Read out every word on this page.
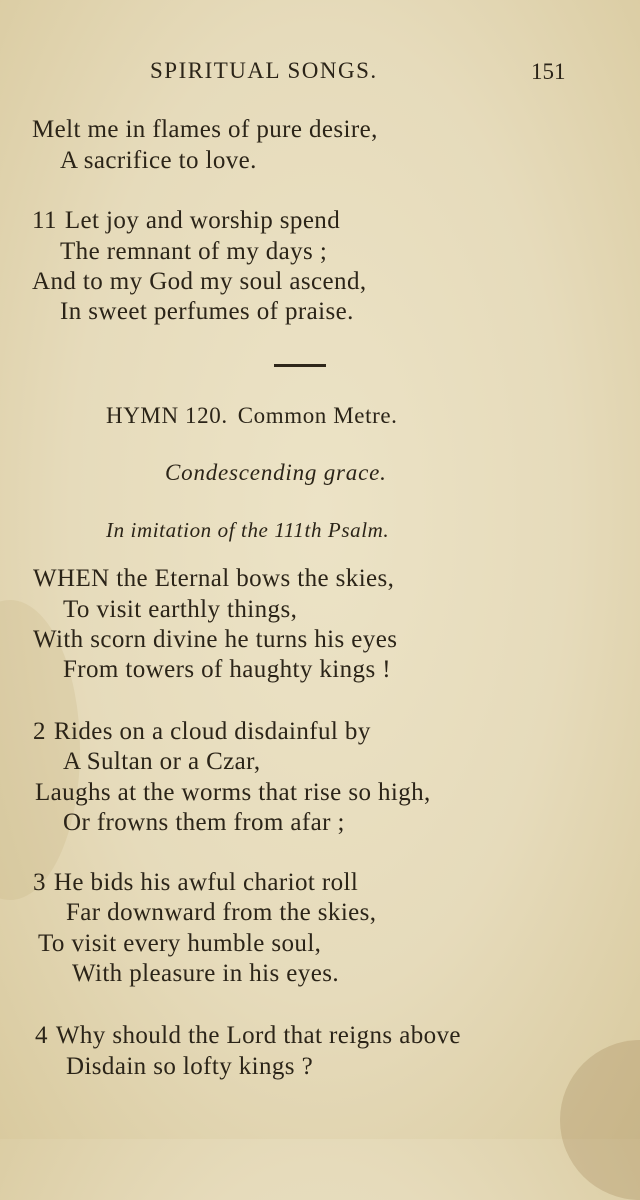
SPIRITUAL SONGS.	151
Melt me in flames of pure desire,
A sacrifice to love.
11 Let joy and worship spend
The remnant of my days ;
And to my God my soul ascend,
In sweet perfumes of praise.
HYMN 120. Common Metre.
Condescending grace.
In imitation of the 111th Psalm.
WHEN the Eternal bows the skies,
To visit earthly things,
With scorn divine he turns his eyes
From towers of haughty kings !
2 Rides on a cloud disdainful by
A Sultan or a Czar,
Laughs at the worms that rise so high,
Or frowns them from afar ;
3 He bids his awful chariot roll
Far downward from the skies,
To visit every humble soul,
With pleasure in his eyes.
4 Why should the Lord that reigns above
Disdain so lofty kings ?
